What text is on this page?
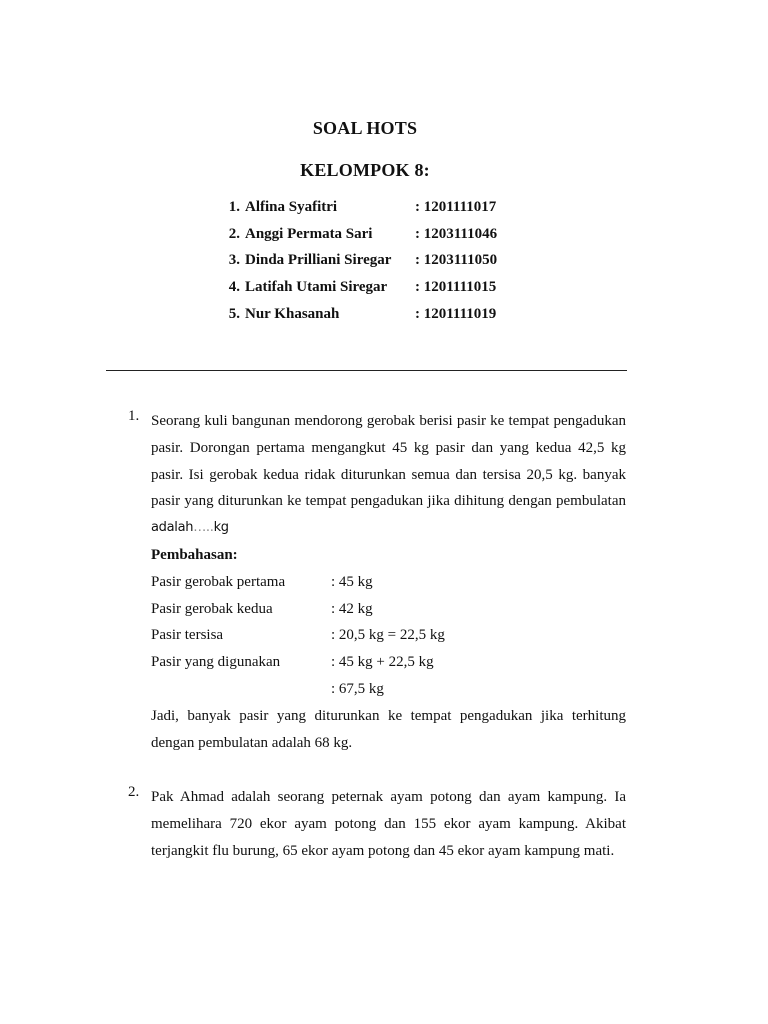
SOAL HOTS
KELOMPOK 8:
1. Alfina Syafitri	: 1201111017
2. Anggi Permata Sari	: 1203111046
3. Dinda Prilliani Siregar : 1203111050
4. Latifah Utami Siregar : 1201111015
5. Nur Khasanah	: 1201111019
1. Seorang kuli bangunan mendorong gerobak berisi pasir ke tempat pengadukan
pasir. Dorongan pertama mengangkut 45 kg pasir dan yang kedua 42,5 kg
pasir. Isi gerobak kedua ridak diturunkan semua dan tersisa 20,5 kg. banyak
pasir yang diturunkan ke tempat pengadukan jika dihitung dengan pembulatan
adalah…..kg
Pembahasan:
Pasir gerobak pertama	: 45 kg
Pasir gerobak kedua	: 42 kg
Pasir tersisa	: 20,5 kg = 22,5 kg
Pasir yang digunakan	: 45 kg + 22,5 kg
: 67,5 kg
Jadi, banyak pasir yang diturunkan ke tempat pengadukan jika terhitung
dengan pembulatan adalah 68 kg.
2. Pak Ahmad adalah seorang peternak ayam potong dan ayam kampung. Ia
memelihara 720 ekor ayam potong dan 155 ekor ayam kampung. Akibat
terjangkit flu burung, 65 ekor ayam potong dan 45 ekor ayam kampung mati.
